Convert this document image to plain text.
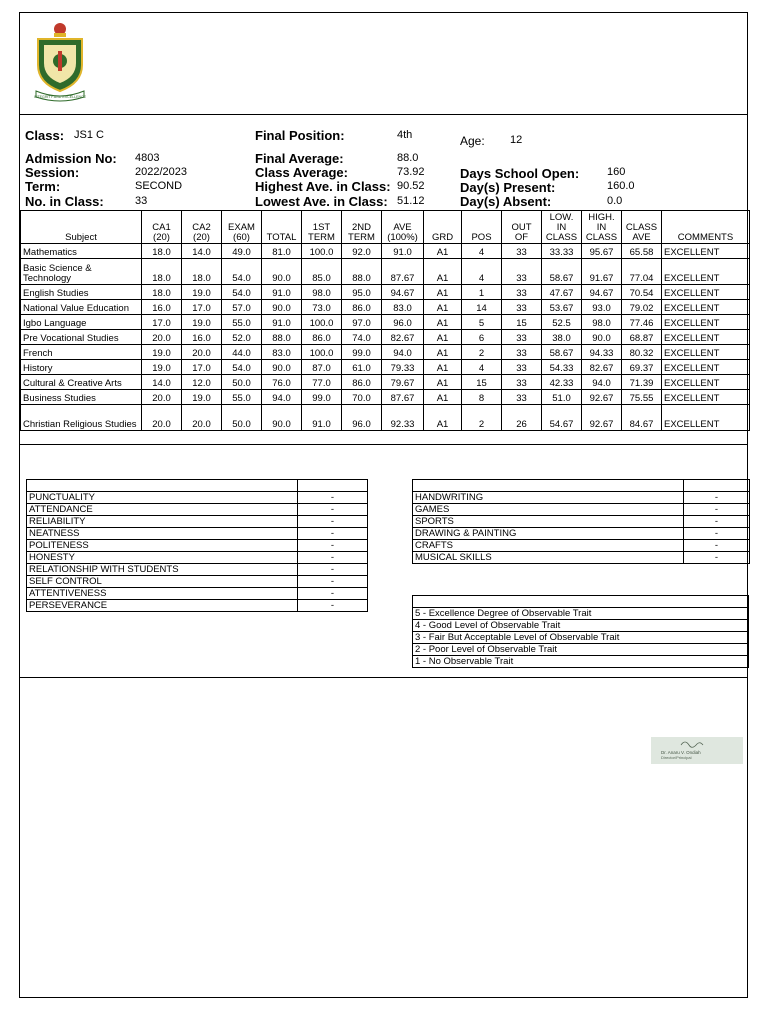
INTEGRITY AND EXCELLENCE
Class: JS1 C	Final Position:	4th	Age: 12
Admission No: 4803	Final Average:	88.0
Session:	2022/2023	Class Average:	73.92	Days School Open:	160
Term:	SECOND	Highest Ave. in Class: 90.52	Day(s) Present:	160.0
No. in Class:	33	Lowest Ave. in Class: 51.12	Day(s) Absent:	0.0
Subject	CA1 (20)	CA2 (20)	EXAM (60)	TOTAL	1ST TERM	2ND TERM	AVE (100%)	GRD	POS	OUT OF	LOW. IN CLASS	HIGH. IN CLASS	CLASS AVE	COMMENTS
Mathematics	18.0	14.0	49.0	81.0	100.0	92.0	91.0	A1	4	33	33.33	95.67	65.58	EXCELLENT
Basic Science & Technology	18.0	18.0	54.0	90.0	85.0	88.0	87.67	A1	4	33	58.67	91.67	77.04	EXCELLENT
English Studies	18.0	19.0	54.0	91.0	98.0	95.0	94.67	A1	1	33	47.67	94.67	70.54	EXCELLENT
National Value Education	16.0	17.0	57.0	90.0	73.0	86.0	83.0	A1	14	33	53.67	93.0	79.02	EXCELLENT
Igbo Language	17.0	19.0	55.0	91.0	100.0	97.0	96.0	A1	5	15	52.5	98.0	77.46	EXCELLENT
Pre Vocational Studies	20.0	16.0	52.0	88.0	86.0	74.0	82.67	A1	6	33	38.0	90.0	68.87	EXCELLENT
French	19.0	20.0	44.0	83.0	100.0	99.0	94.0	A1	2	33	58.67	94.33	80.32	EXCELLENT
History	19.0	17.0	54.0	90.0	87.0	61.0	79.33	A1	4	33	54.33	82.67	69.37	EXCELLENT
Cultural & Creative Arts	14.0	12.0	50.0	76.0	77.0	86.0	79.67	A1	15	33	42.33	94.0	71.39	EXCELLENT
Business Studies	20.0	19.0	55.0	94.0	99.0	70.0	87.67	A1	8	33	51.0	92.67	75.55	EXCELLENT
Christian Religious Studies	20.0	20.0	50.0	90.0	91.0	96.0	92.33	A1	2	26	54.67	92.67	84.67	EXCELLENT

PUNCTUALITY	-
ATTENDANCE	-
RELIABILITY	-
NEATNESS	-
POLITENESS	-
HONESTY	-
RELATIONSHIP WITH STUDENTS	-
SELF CONTROL	-
ATTENTIVENESS	-
PERSEVERANCE	-

HANDWRITING	-
GAMES	-
SPORTS	-
DRAWING & PAINTING	-
CRAFTS	-
MUSICAL SKILLS	-

5 - Excellence Degree of Observable Trait
4 - Good Level of Observable Trait
3 - Fair But Acceptable Level of Observable Trait
2 - Poor Level of Observable Trait
1 - No Observable Trait
Dr. Anaru V. Ondiah
Director/Principal
